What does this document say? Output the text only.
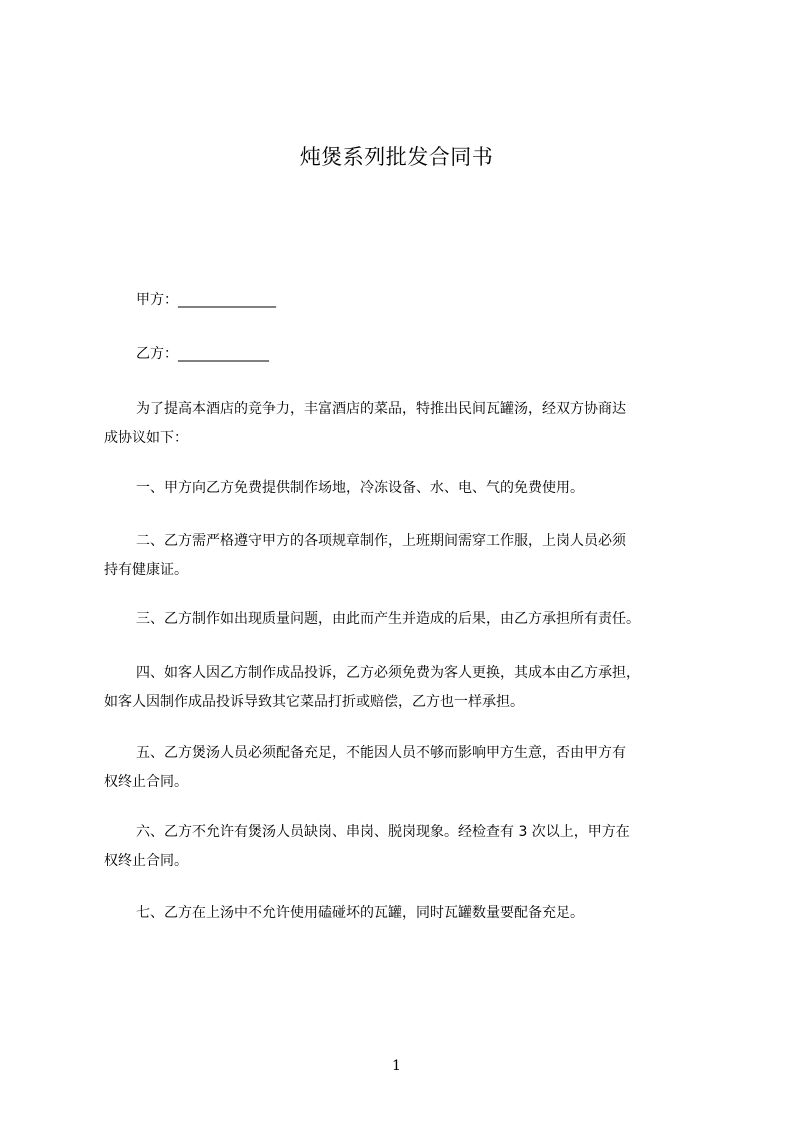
炖煲系列批发合同书
甲方：______________
乙方：_____________

为了提高本酒店的竞争力，丰富酒店的菜品，特推出民间瓦罐汤，经双方协商达
成协议如下：

一、甲方向乙方免费提供制作场地，冷冻设备、水、电、气的免费使用。

二、乙方需严格遵守甲方的各项规章制作，上班期间需穿工作服，上岗人员必须
持有健康证。

三、乙方制作如出现质量问题，由此而产生并造成的后果，由乙方承担所有责任。

四、如客人因乙方制作成品投诉，乙方必须免费为客人更换，其成本由乙方承担，
如客人因制作成品投诉导致其它菜品打折或赔偿，乙方也一样承担。

五、乙方煲汤人员必须配备充足，不能因人员不够而影响甲方生意，否由甲方有
权终止合同。

六、乙方不允许有煲汤人员缺岗、串岗、脱岗现象。经检查有 3 次以上，甲方在
权终止合同。

七、乙方在上汤中不允许使用磕碰坏的瓦罐，同时瓦罐数量要配备充足。

1
